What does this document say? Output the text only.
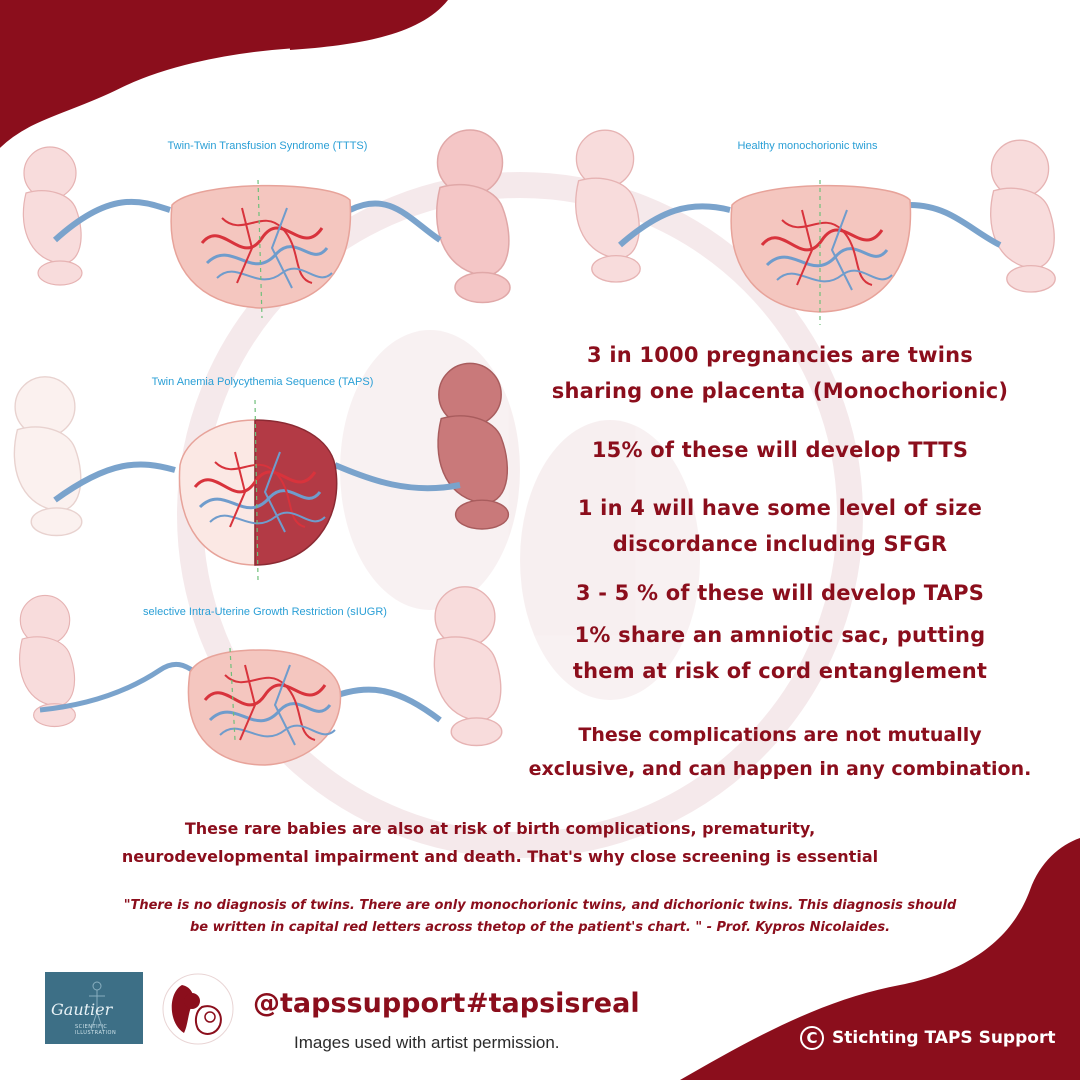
Twin-Twin Transfusion Syndrome (TTTS)	Healthy monochorionic twins
Twin Anemia Polycythemia Sequence (TAPS)
selective Intra-Uterine Growth Restriction (sIUGR)
3 in 1000 pregnancies are twins
sharing one placenta (Monochorionic)
15% of these will develop TTTS
1 in 4 will have some level of size
discordance including SFGR
3 - 5 % of these will develop TAPS
1% share an amniotic sac, putting
them at risk of cord entanglement
These complications are not mutually
exclusive, and can happen in any combination.
These rare babies are also at risk of birth complications, prematurity,
neurodevelopmental impairment and death. That's why close screening is essential
"There is no diagnosis of twins. There are only monochorionic twins, and dichorionic twins. This diagnosis should
be written in capital red letters across thetop of the patient's chart. " - Prof. Kypros Nicolaides.
Gautier
SCIENTIFIC ILLUSTRATION
@tapssupport #tapsisreal
Images used with artist permission.	C Stichting TAPS Support
